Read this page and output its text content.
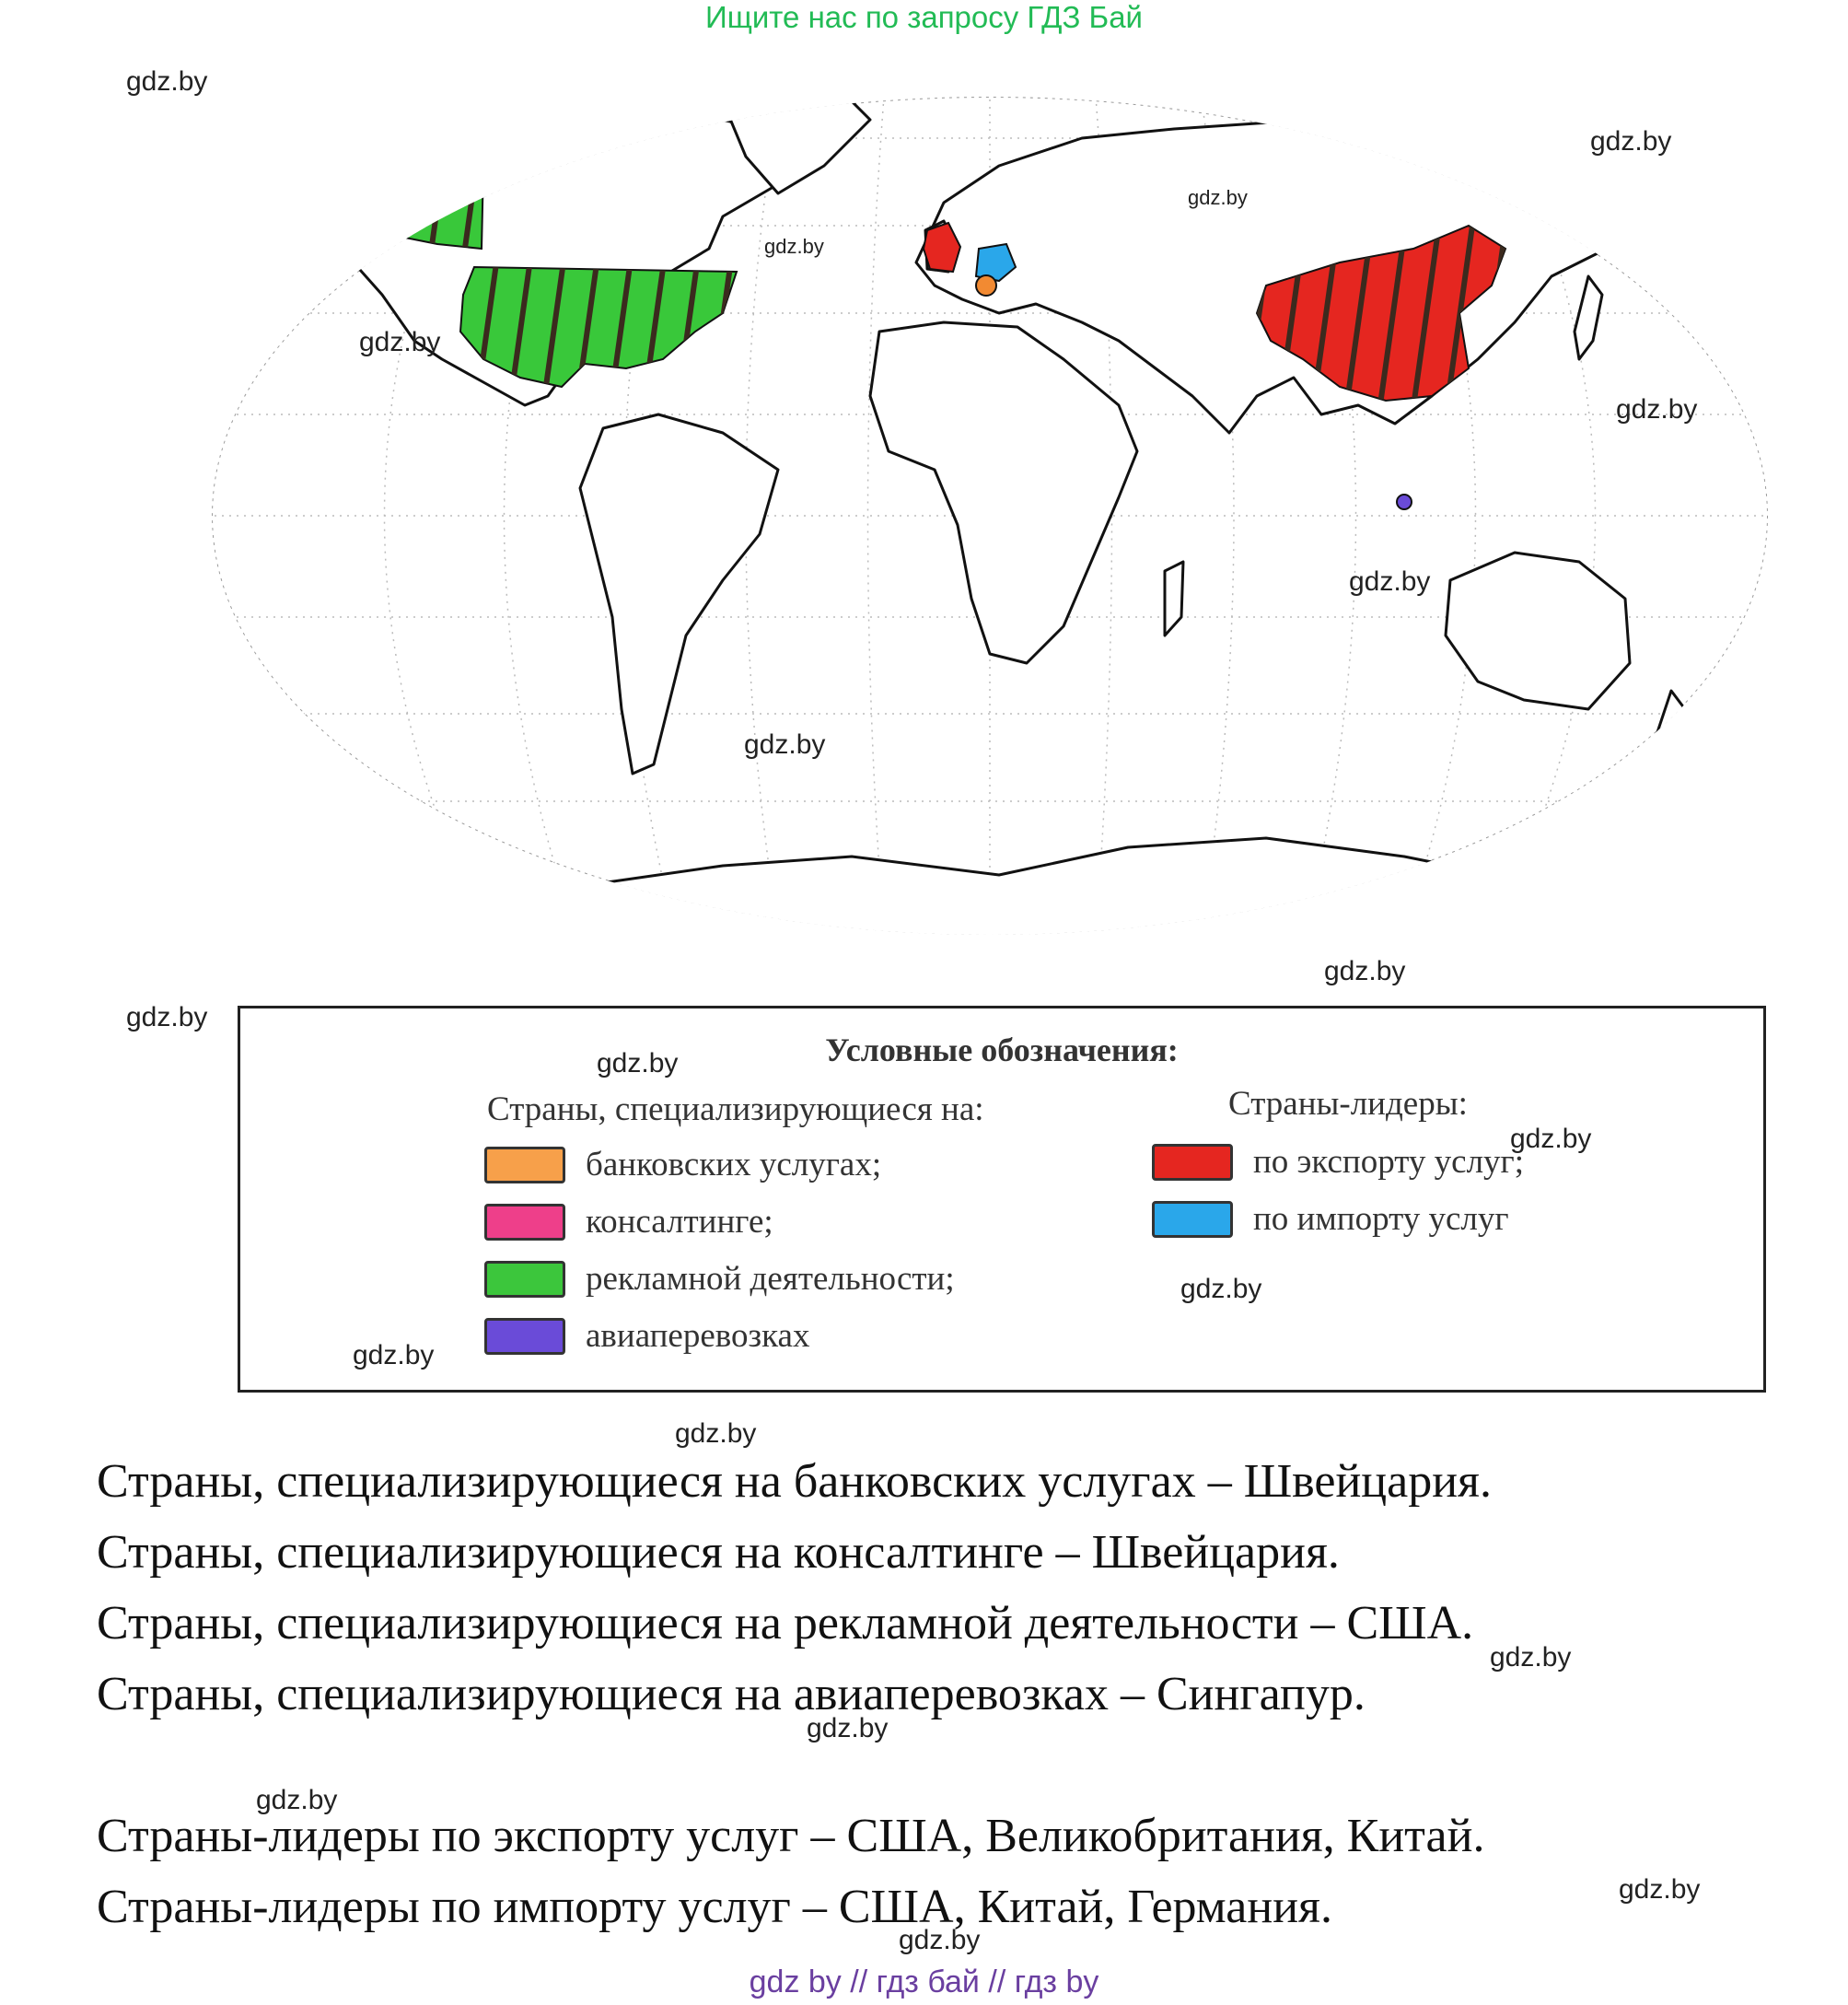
Ищите нас по запросу ГДЗ Бай
gdz.by
gdz.by
gdz.by
gdz.by
gdz.by
gdz.by
gdz.by
gdz.by
gdz.by
gdz.by
gdz.by
gdz.by
gdz.by
gdz.by
gdz.by
gdz.by
gdz.by
gdz.by
gdz.by
gdz.by
Условные обозначения:
Страны, специализирующиеся на:	Страны-лидеры:
банковских услугах;
консалтинге;
рекламной деятельности;
авиаперевозках
по экспорту услуг;
по импорту услуг

Страны, специализирующиеся на банковских услугах – Швейцария.

Страны, специализирующиеся на консалтинге – Швейцария.

Страны, специализирующиеся на рекламной деятельности – США.

Страны, специализирующиеся на авиаперевозках – Сингапур.

Страны-лидеры по экспорту услуг – США, Великобритания, Китай.

Страны-лидеры по импорту услуг – США, Китай, Германия.

gdz by // гдз бай // гдз by
